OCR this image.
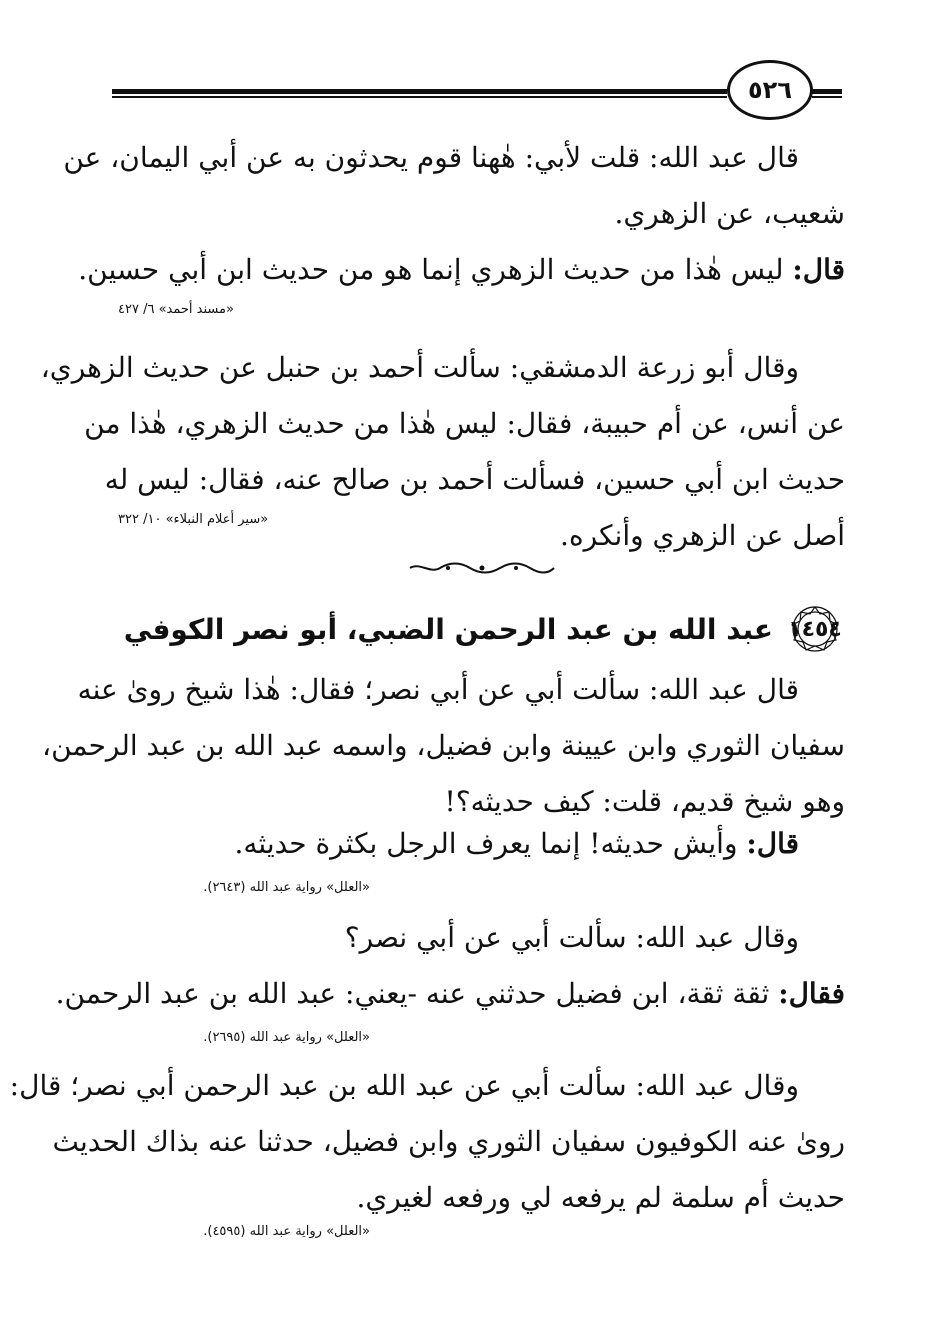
٥٢٦
قال عبد الله: قلت لأبي: هٰهنا قوم يحدثون به عن أبي اليمان، عن
شعيب، عن الزهري.
قال: ليس هٰذا من حديث الزهري إنما هو من حديث ابن أبي حسين.
«مسند أحمد» ٦/ ٤٢٧
وقال أبو زرعة الدمشقي: سألت أحمد بن حنبل عن حديث الزهري،
عن أنس، عن أم حبيبة، فقال: ليس هٰذا من حديث الزهري، هٰذا من
حديث ابن أبي حسين، فسألت أحمد بن صالح عنه، فقال: ليس له
أصل عن الزهري وأنكره.
«سير أعلام النبلاء» ١٠/ ٣٢٢
١٤٥٤
عبد الله بن عبد الرحمن الضبي، أبو نصر الكوفي
قال عبد الله: سألت أبي عن أبي نصر؛ فقال: هٰذا شيخ روىٰ عنه
سفيان الثوري وابن عيينة وابن فضيل، واسمه عبد الله بن عبد الرحمن،
وهو شيخ قديم، قلت: كيف حديثه؟!
قال: وأيش حديثه! إنما يعرف الرجل بكثرة حديثه.
«العلل» رواية عبد الله (٢٦٤٣).
وقال عبد الله: سألت أبي عن أبي نصر؟
فقال: ثقة ثقة، ابن فضيل حدثني عنه -يعني: عبد الله بن عبد الرحمن.
«العلل» رواية عبد الله (٢٦٩٥).
وقال عبد الله: سألت أبي عن عبد الله بن عبد الرحمن أبي نصر؛ قال:
روىٰ عنه الكوفيون سفيان الثوري وابن فضيل، حدثنا عنه بذاك الحديث
حديث أم سلمة لم يرفعه لي ورفعه لغيري.
«العلل» رواية عبد الله (٤٥٩٥).
